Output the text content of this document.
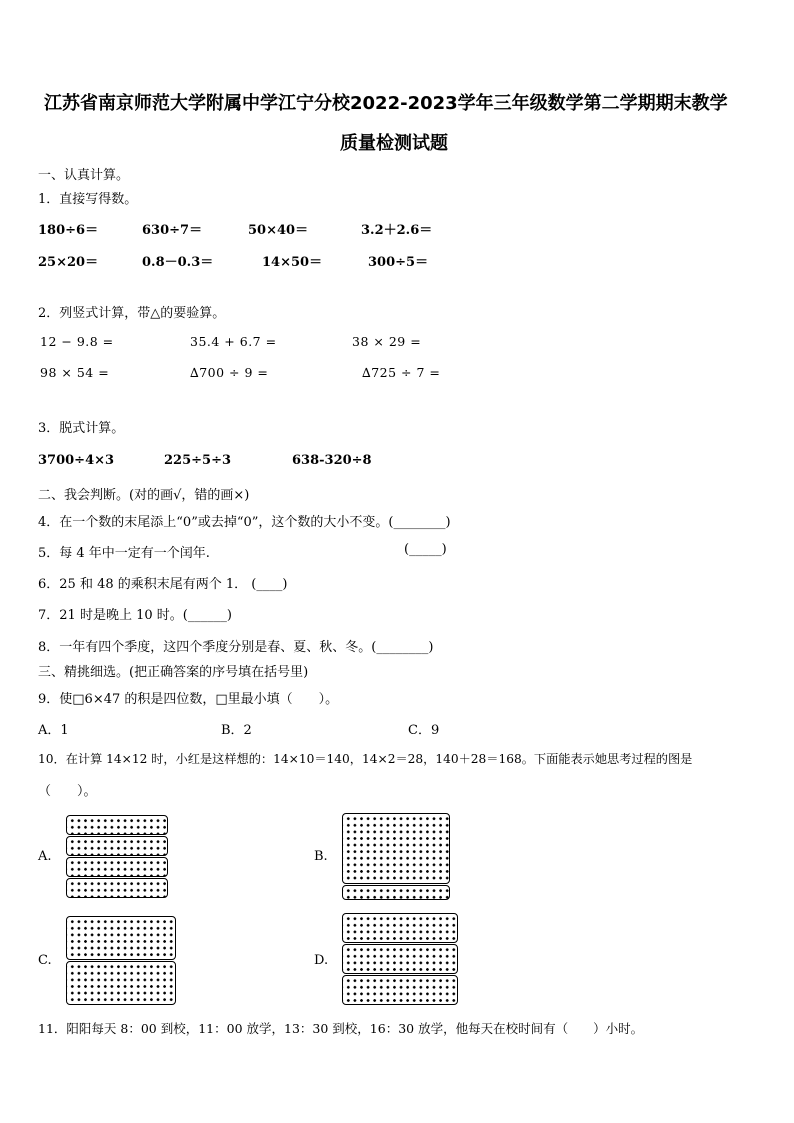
江苏省南京师范大学附属中学江宁分校2022-2023学年三年级数学第二学期期末教学
质量检测试题
一、认真计算。
1．直接写得数。
180÷6＝	630÷7＝	50×40＝	3.2＋2.6＝
25×20＝	0.8－0.3＝	14×50＝	300÷5＝
2．列竖式计算，带△的要验算。
12 − 9.8 =	35.4 + 6.7 =	38 × 29 =
98 × 54 =	∆700 ÷ 9 =	∆725 ÷ 7 =
3．脱式计算。
3700÷4×3	225÷5÷3	638-320÷8
二、我会判断。(对的画√，错的画×)
4．在一个数的末尾添上“0”或去掉“0”，这个数的大小不变。(________)
5．每 4 年中一定有一个闰年.	(_____)
6．25 和 48 的乘积末尾有两个 1． (____)
7．21 时是晚上 10 时。(______)
8．一年有四个季度，这四个季度分别是春、夏、秋、冬。(________)
三、精挑细选。(把正确答案的序号填在括号里)
9．使□6×47 的积是四位数，□里最小填（　　）。
A．1	B．2	C．9
10．在计算 14×12 时，小红是这样想的：14×10＝140，14×2＝28，140＋28＝168。下面能表示她思考过程的图是
（　　）。
A.	B.
C.	D.
11．阳阳每天 8：00 到校，11：00 放学，13：30 到校，16：30 放学，他每天在校时间有（　　）小时。
